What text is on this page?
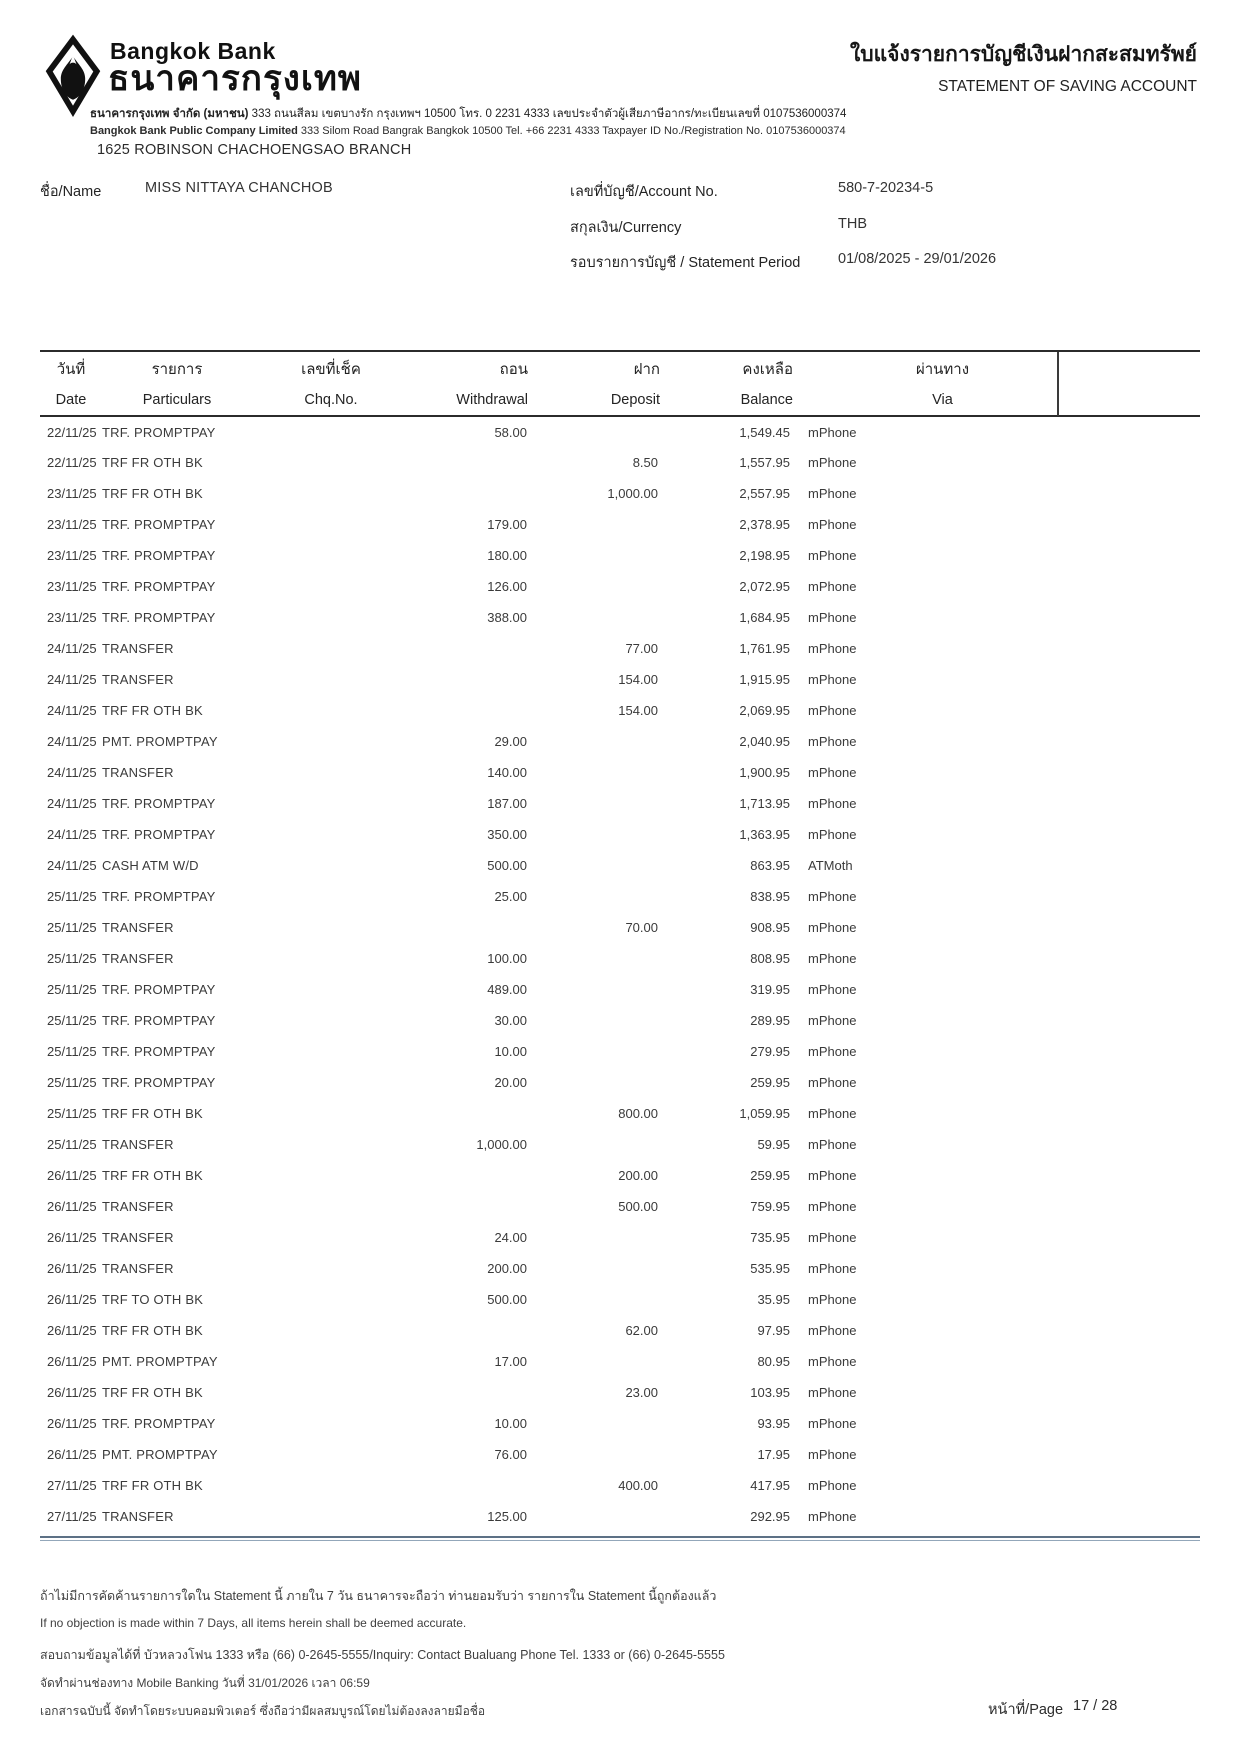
Bangkok Bank
ธนาคารกรุงเทพ
ใบแจ้งรายการบัญชีเงินฝากสะสมทรัพย์
STATEMENT OF SAVING ACCOUNT
ธนาคารกรุงเทพ จำกัด (มหาชน) 333 ถนนสีลม เขตบางรัก กรุงเทพฯ 10500 โทร. 0 2231 4333 เลขประจำตัวผู้เสียภาษีอากร/ทะเบียนเลขที่ 0107536000374
Bangkok Bank Public Company Limited 333 Silom Road Bangrak Bangkok 10500 Tel. +66 2231 4333 Taxpayer ID No./Registration No. 0107536000374
1625 ROBINSON CHACHOENGSAO BRANCH
ชื่อ/Name	MISS NITTAYA CHANCHOB	เลขที่บัญชี/Account No.	580-7-20234-5
สกุลเงิน/Currency	THB
รอบรายการบัญชี / Statement Period	01/08/2025 - 29/01/2026
วันที่	รายการ	เลขที่เช็ค	ถอน	ฝาก	คงเหลือ	ผ่านทาง
Date	Particulars	Chq.No.	Withdrawal	Deposit	Balance	Via
22/11/25	TRF. PROMPTPAY		58.00		1,549.45	mPhone
22/11/25	TRF FR OTH BK			8.50	1,557.95	mPhone
23/11/25	TRF FR OTH BK			1,000.00	2,557.95	mPhone
23/11/25	TRF. PROMPTPAY		179.00		2,378.95	mPhone
23/11/25	TRF. PROMPTPAY		180.00		2,198.95	mPhone
23/11/25	TRF. PROMPTPAY		126.00		2,072.95	mPhone
23/11/25	TRF. PROMPTPAY		388.00		1,684.95	mPhone
24/11/25	TRANSFER			77.00	1,761.95	mPhone
24/11/25	TRANSFER			154.00	1,915.95	mPhone
24/11/25	TRF FR OTH BK			154.00	2,069.95	mPhone
24/11/25	PMT. PROMPTPAY		29.00		2,040.95	mPhone
24/11/25	TRANSFER		140.00		1,900.95	mPhone
24/11/25	TRF. PROMPTPAY		187.00		1,713.95	mPhone
24/11/25	TRF. PROMPTPAY		350.00		1,363.95	mPhone
24/11/25	CASH ATM W/D		500.00		863.95	ATMoth
25/11/25	TRF. PROMPTPAY		25.00		838.95	mPhone
25/11/25	TRANSFER			70.00	908.95	mPhone
25/11/25	TRANSFER		100.00		808.95	mPhone
25/11/25	TRF. PROMPTPAY		489.00		319.95	mPhone
25/11/25	TRF. PROMPTPAY		30.00		289.95	mPhone
25/11/25	TRF. PROMPTPAY		10.00		279.95	mPhone
25/11/25	TRF. PROMPTPAY		20.00		259.95	mPhone
25/11/25	TRF FR OTH BK			800.00	1,059.95	mPhone
25/11/25	TRANSFER		1,000.00		59.95	mPhone
26/11/25	TRF FR OTH BK			200.00	259.95	mPhone
26/11/25	TRANSFER			500.00	759.95	mPhone
26/11/25	TRANSFER		24.00		735.95	mPhone
26/11/25	TRANSFER		200.00		535.95	mPhone
26/11/25	TRF TO OTH BK		500.00		35.95	mPhone
26/11/25	TRF FR OTH BK			62.00	97.95	mPhone
26/11/25	PMT. PROMPTPAY		17.00		80.95	mPhone
26/11/25	TRF FR OTH BK			23.00	103.95	mPhone
26/11/25	TRF. PROMPTPAY		10.00		93.95	mPhone
26/11/25	PMT. PROMPTPAY		76.00		17.95	mPhone
27/11/25	TRF FR OTH BK			400.00	417.95	mPhone
27/11/25	TRANSFER		125.00		292.95	mPhone
ถ้าไม่มีการคัดค้านรายการใดใน Statement นี้ ภายใน 7 วัน ธนาคารจะถือว่า ท่านยอมรับว่า รายการใน Statement นี้ถูกต้องแล้ว
If no objection is made within 7 Days, all items herein shall be deemed accurate.
สอบถามข้อมูลได้ที่ บัวหลวงโฟน 1333 หรือ (66) 0-2645-5555/Inquiry: Contact Bualuang Phone Tel. 1333 or (66) 0-2645-5555
จัดทำผ่านช่องทาง Mobile Banking วันที่ 31/01/2026 เวลา 06:59
เอกสารฉบับนี้ จัดทำโดยระบบคอมพิวเตอร์ ซึ่งถือว่ามีผลสมบูรณ์โดยไม่ต้องลงลายมือชื่อ	หน้าที่/Page 17 / 28
